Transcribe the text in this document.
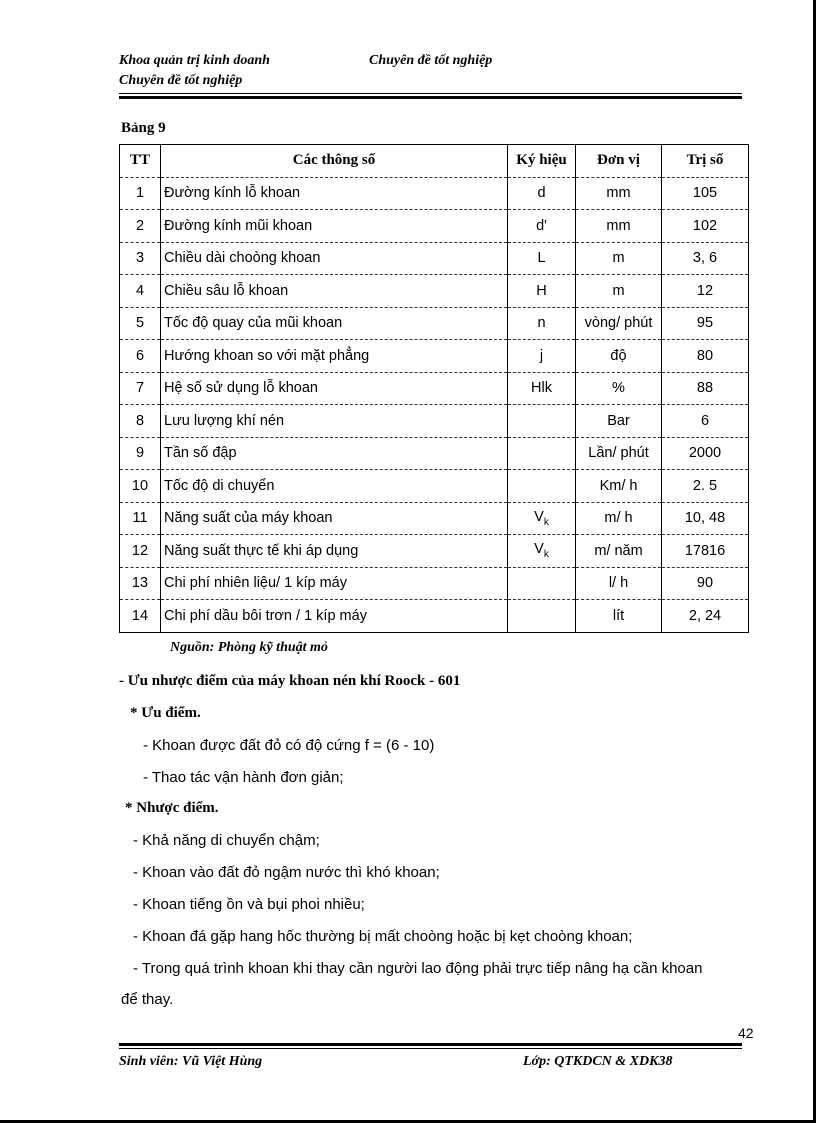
Khoa quản trị kinh doanh	Chuyên đề tốt nghiệp
Chuyên đề tốt nghiệp
Bảng 9
TT	Các thông số	Ký hiệu	Đơn vị	Trị số
1	Đường kính lỗ khoan	d	mm	105
2	Đường kính mũi khoan	d'	mm	102
3	Chiều dài choòng khoan	L	m	3, 6
4	Chiều sâu lỗ khoan	H	m	12
5	Tốc độ quay của mũi khoan	n	vòng/ phút	95
6	Hướng khoan so với mặt phẳng	j	độ	80
7	Hệ số sử dụng lỗ khoan	Hlk	%	88
8	Lưu lượng khí nén		Bar	6
9	Tần số đập		Lần/ phút	2000
10	Tốc độ di chuyển		Km/ h	2. 5
11	Năng suất của máy khoan	$V_k$	m/ h	10, 48
12	Năng suất thực tế khi áp dụng	$V_k$	m/ năm	17816
13	Chi phí nhiên liệu/ 1 kíp máy		l/ h	90
14	Chi phí dầu bôi trơn / 1 kíp máy		lít	2, 24
Nguồn: Phòng kỹ thuật mỏ
- Ưu nhược điểm của máy khoan nén khí Roock - 601
* Ưu điểm.
- Khoan được đất đỏ có độ cứng f = (6 - 10)
- Thao tác vận hành đơn giản;
* Nhược điểm.
- Khả năng di chuyển chậm;
- Khoan vào đất đỏ ngậm nước thì khó khoan;
- Khoan tiếng ồn và bụi phoi nhiều;
- Khoan đá gặp hang hốc thường bị mất choòng hoặc bị kẹt choòng khoan;
- Trong quá trình khoan khi thay cần người lao động phải trực tiếp nâng hạ cần khoan
để thay.
42
Sinh viên: Vũ Việt Hùng	Lớp: QTKDCN & XDK38
